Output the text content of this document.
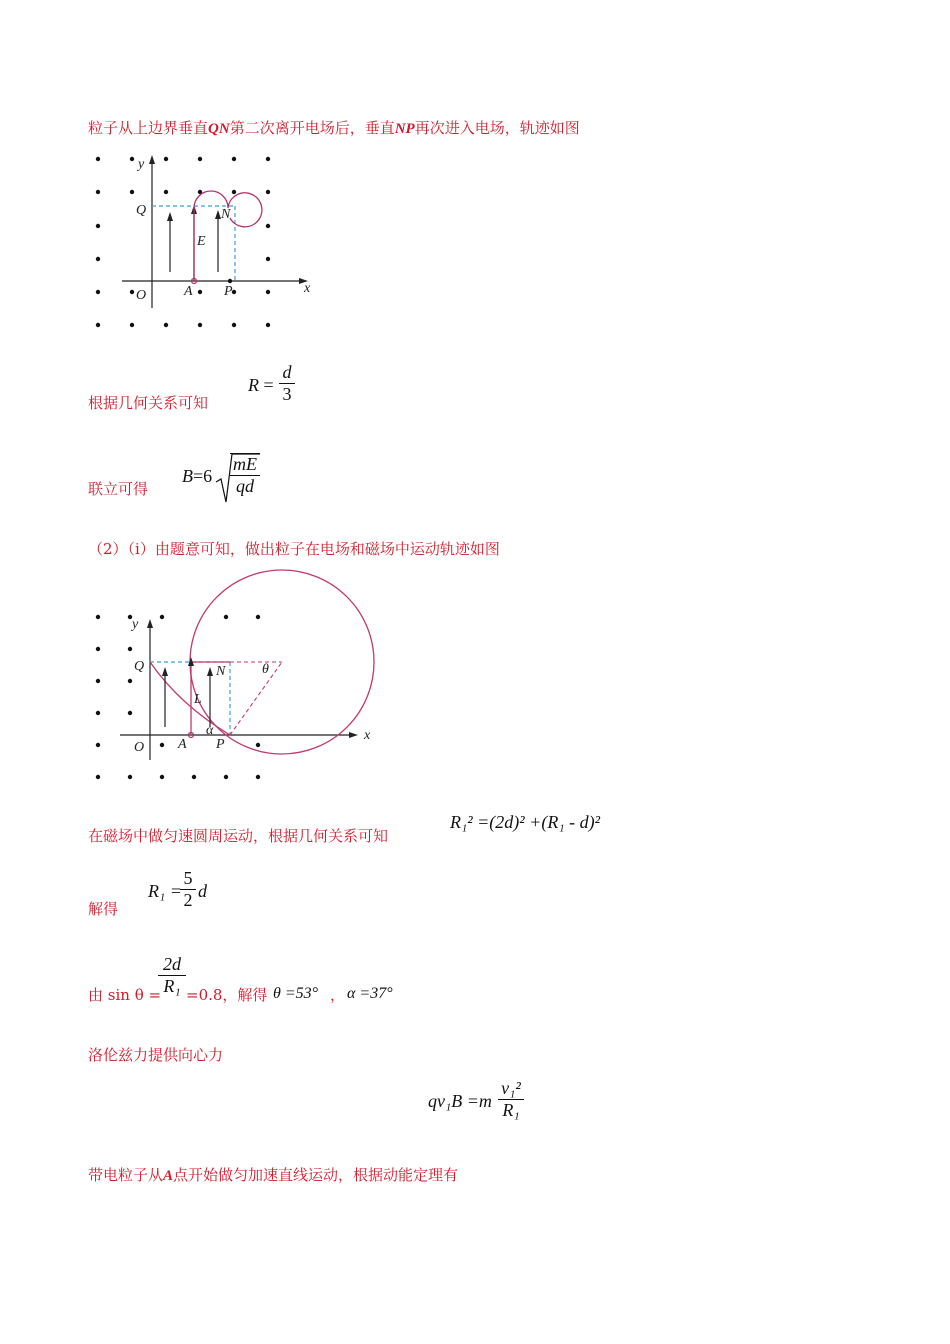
粒子从上边界垂直QN第二次离开电场后，垂直NP再次进入电场，轨迹如图
y
x
Q	N
E
O	A P
根据几何关系可知
$R = \frac{d}{3}$
联立可得
$B=6 \frac{mE}{qd}$
（2）（i）由题意可知，做出粒子在电场和磁场中运动轨迹如图
y
x
Q	N
L
O A P
α
θ
在磁场中做匀速圆周运动，根据几何关系可知
R₁² =(2d)² +(R₁ - d)²
解得
R₁ =
$\frac{5}{2}$ d
由 sin θ =
$\frac{2d}{\text{R₁}} =0.8$，解得 θ =53° ， α =37°
洛伦兹力提供向心力
$qv_1B =m \frac{\text{v₁²}}{\text{R₁}}$
带电粒子从A点开始做匀加速直线运动，根据动能定理有
